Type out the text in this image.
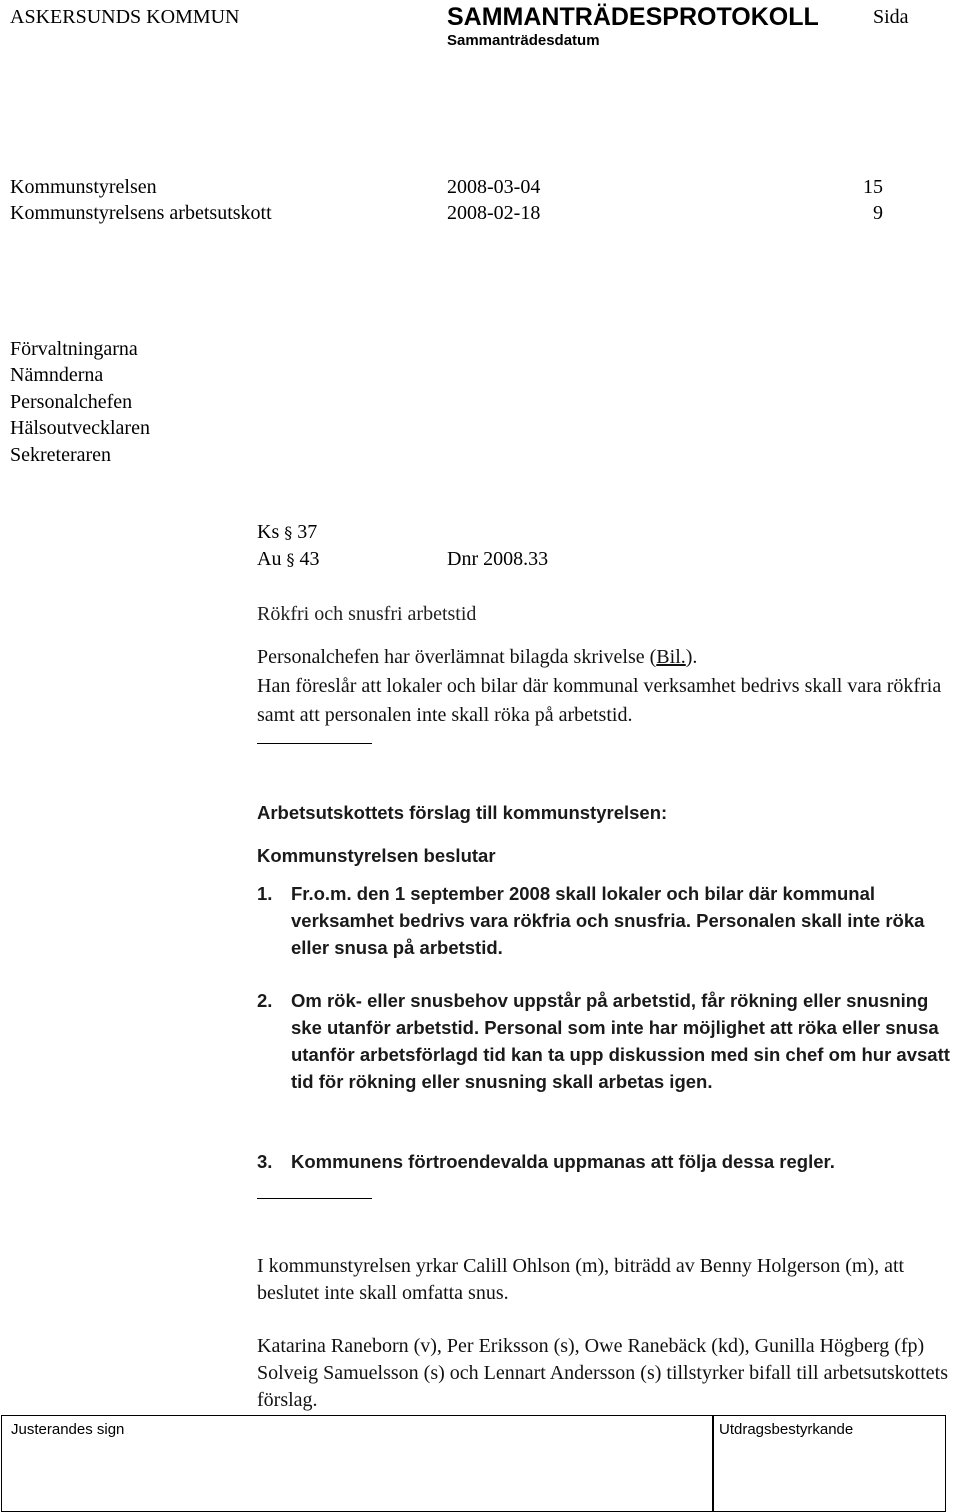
ASKERSUNDS KOMMUN	SAMMANTRÄDESPROTOKOLL	Sida
Sammanträdesdatum
Kommunstyrelsen	2008-03-04	15
Kommunstyrelsens arbetsutskott	2008-02-18	9
Förvaltningarna
Nämnderna
Personalchefen
Hälsoutvecklaren
Sekreteraren
Ks § 37
Au § 43	Dnr 2008.33
Rökfri och snusfri arbetstid

Personalchefen har överlämnat bilagda skrivelse (Bil.).

Han föreslår att lokaler och bilar där kommunal verksamhet bedrivs skall vara rökfria samt att personalen inte skall röka på arbetstid.

Arbetsutskottets förslag till kommunstyrelsen:
Kommunstyrelsen beslutar
1. Fr.o.m. den 1 september 2008 skall lokaler och bilar där kommunal verksamhet bedrivs vara rökfria och snusfria. Personalen skall inte röka eller snusa på arbetstid.
2. Om rök- eller snusbehov uppstår på arbetstid, får rökning eller snusning ske utanför arbetstid. Personal som inte har möjlighet att röka eller snusa utanför arbetsförlagd tid kan ta upp diskussion med sin chef om hur avsatt tid för rökning eller snusning skall arbetas igen.
3. Kommunens förtroendevalda uppmanas att följa dessa regler.
I kommunstyrelsen yrkar Calill Ohlson (m), biträdd av Benny Holgerson (m), att beslutet inte skall omfatta snus.
Katarina Raneborn (v), Per Eriksson (s), Owe Ranebäck (kd), Gunilla Högberg (fp) Solveig Samuelsson (s) och Lennart Andersson (s) tillstyrker bifall till arbetsutskottets förslag.
Justerandes sign	Utdragsbestyrkande
